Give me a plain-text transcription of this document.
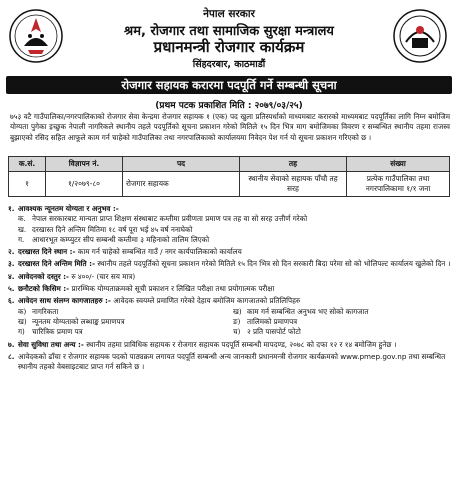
नेपाल सरकार
श्रम, रोजगार तथा सामाजिक सुरक्षा मन्त्रालय
प्रधानमन्त्री रोजगार कार्यक्रम
सिंहदरबार, काठमाडौं
रोजगार सहायक करारमा पदपूर्ति गर्ने सम्बन्धी सूचना
(प्रथम पटक प्रकाशित मिति : २०७९/०३/२५)
७५३ वटै गाउँपालिका/नगरपालिकाको रोजगार सेवा केन्द्रमा रोजगार सहायक १ (एक) पद खुला प्रतिस्पर्धाको माध्यमबाट करारको माध्यमबाट पदपूर्तिका लागि निम्न बमोजिम योग्यता पुगेका इच्छुक नेपाली नागरिकले स्थानीय तहले पदपूर्तिको सूचना प्रकाशन गरेको मितिले १५ दिन भित्र माग बमोजिमका विवरण र सम्बन्धित स्थानीय तहमा राजस्व बुझाएको रसिद सहित आफूले काम गर्न चाहेको गाउँपालिका तथा नगरपालिकाको कार्यालयमा निवेदन पेश गर्न यो सूचना प्रकाशन गरिएको छ ।
क.सं.	विज्ञापन नं.	पद	तह	संख्या
१	१/२०७९-८०	रोजगार सहायक	स्थानीय सेवाको सहायक पाँचौ तह सरह	प्रत्येक गाउँपालिका तथा नगरपालिकामा १/१ जना
१. आवश्यक न्यूनतम योग्यता र अनुभव :-
क. नेपाल सरकारबाट मान्यता प्राप्त शिक्षण संस्थाबाट कम्तीमा प्रवीणता प्रमाण पत्र तह वा सो सरह उत्तीर्ण गरेको
ख. दरखास्त दिने अन्तिम मितिमा १८ वर्ष पूरा भई ४५ वर्ष ननाघेको
ग.	आधारभूत कम्प्युटर सीप सम्बन्धी कम्तीमा ३ महिनाको तालिम लिएको
२. दरखास्त दिने स्थान :- काम गर्न चाहेको सम्बन्धित गाउँ / नगर कार्यपालिकाको कार्यालय
३. दरखास्त दिने अन्तिम मिति :- स्थानीय तहले पदपूर्तिको सूचना प्रकाशन गरेको मितिले १५ दिन भित्र सो दिन सरकारी बिदा परेमा सो को भोलिपल्ट कार्यालय खुलेको दिन ।
४. आवेदनको दस्तुर :- रु ४००/- (चार सय मात्र)
५. छनौटको किसिम :- प्रारम्भिक योग्यताक्रमको सूची प्रकाशन र लिखित परीक्षा तथा प्रयोगात्मक परीक्षा
६. आवेदन साथ संलग्न कागजातहरु :- आवेदक स्वयम्ले प्रमाणित गरेको देहाय बमोजिम कागजातको प्रतिलिपिहरु
क) नागरिकता	ख) काम गर्न सम्बन्धित अनुभव भए सोको कागजात
ख) न्यूनतम योग्यताको लब्धाङ्क प्रमाणपत्र	ङ) तालिमको प्रमाणपत्र
ग) चारित्रिक प्रमाण पत्र	च) २ प्रति पासपोर्ट फोटो
७. सेवा सुविधा तथा अन्य :- स्थानीय तहमा प्राविधिक सहायक र रोजगार सहायक पदपूर्ति सम्बन्धी मापदण्ड, २०७८ को दफा १२ र १४ बमोजिम हुनेछ ।
८. आवेदकको ढाँचा र रोजगार सहायक पदको पाठ्यक्रम लगायत पदपूर्ति सम्बन्धी अन्य जानकारी प्रधानमन्त्री रोजगार कार्यक्रमको www.pmep.gov.np तथा सम्बन्धित स्थानीय तहको वेबसाइटबाट प्राप्त गर्न सकिने छ ।
